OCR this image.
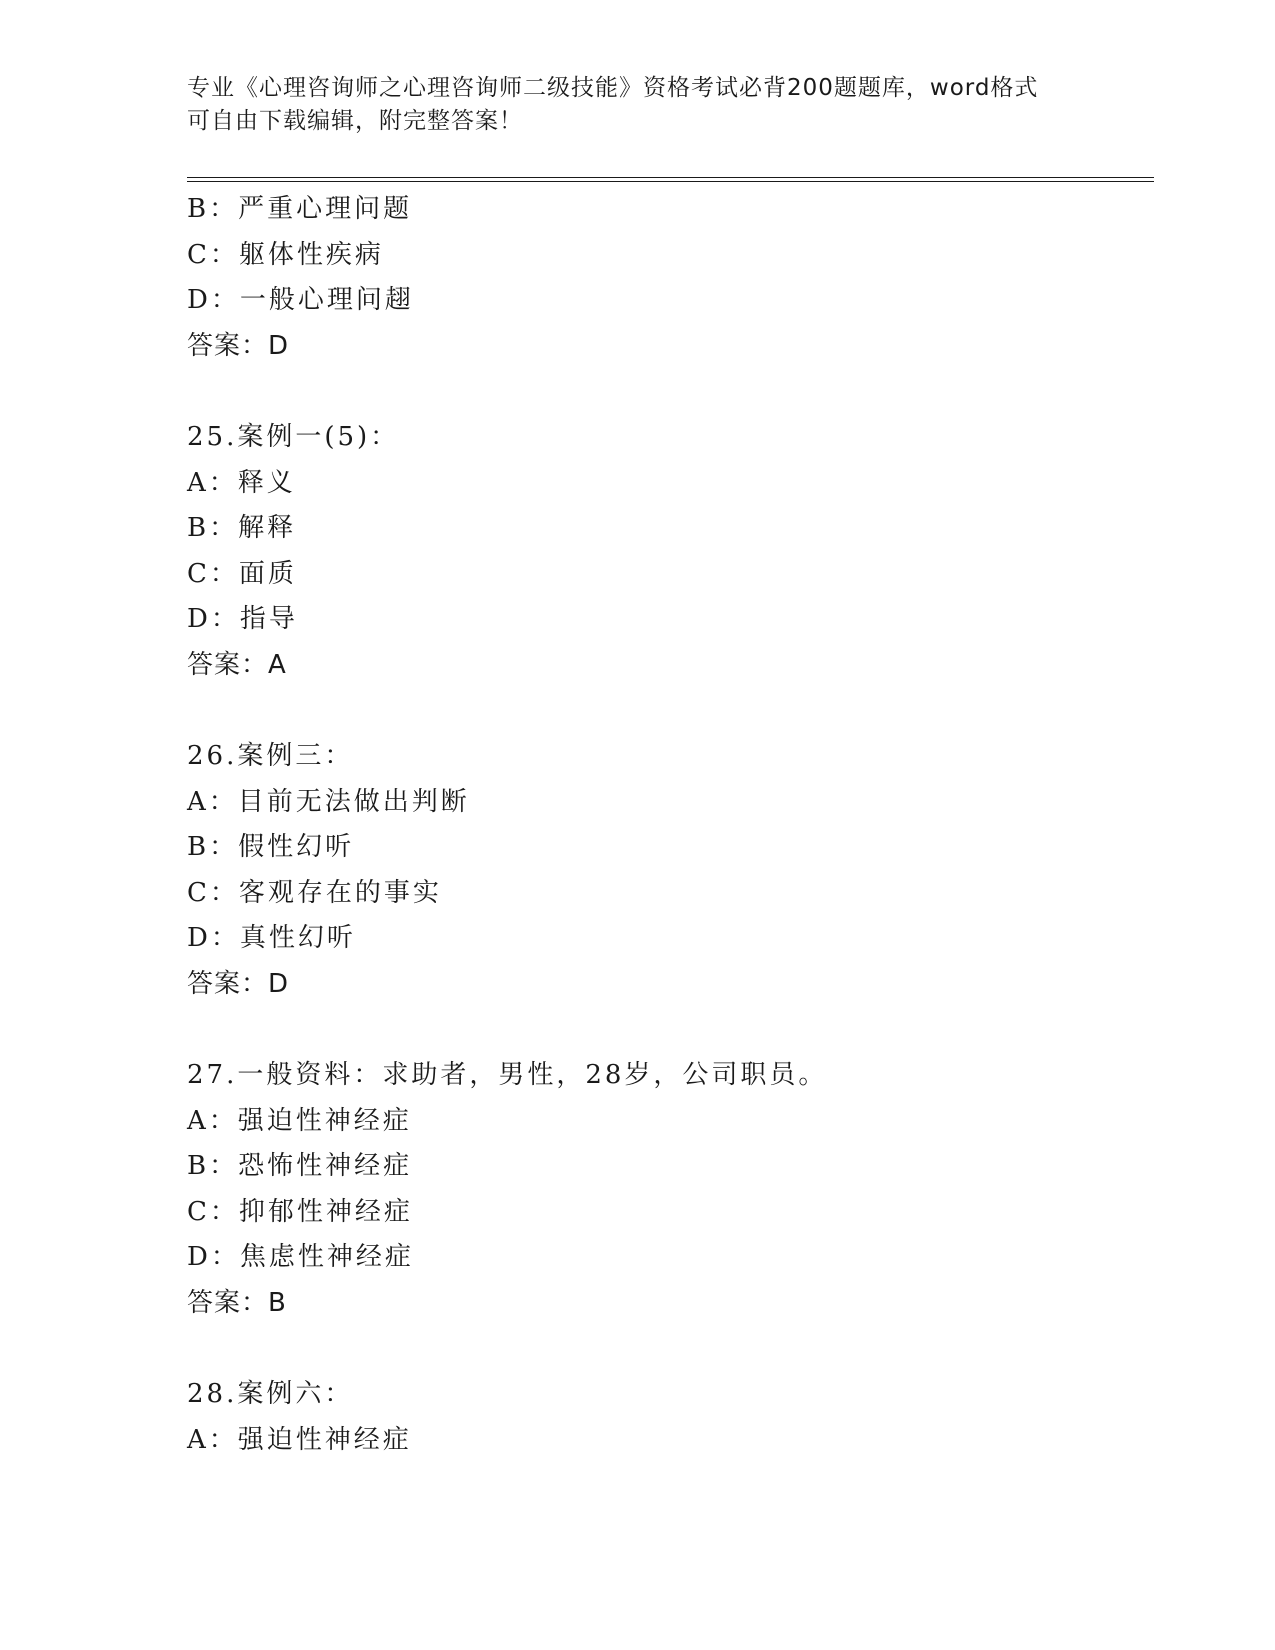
专业《心理咨询师之心理咨询师二级技能》资格考试必背200题题库，word格式
可自由下载编辑，附完整答案！
B：严重心理问题
C：躯体性疾病
D：一般心理问趐
答案：D
25.案例一(5)：
A：释义
B：解释
C：面质
D：指导
答案：A
26.案例三：
A：目前无法做出判断
B：假性幻听
C：客观存在的事实
D：真性幻听
答案：D
27.一般资料：求助者，男性，28岁，公司职员。
A：强迫性神经症
B：恐怖性神经症
C：抑郁性神经症
D：焦虑性神经症
答案：B
28.案例六：
A：强迫性神经症
